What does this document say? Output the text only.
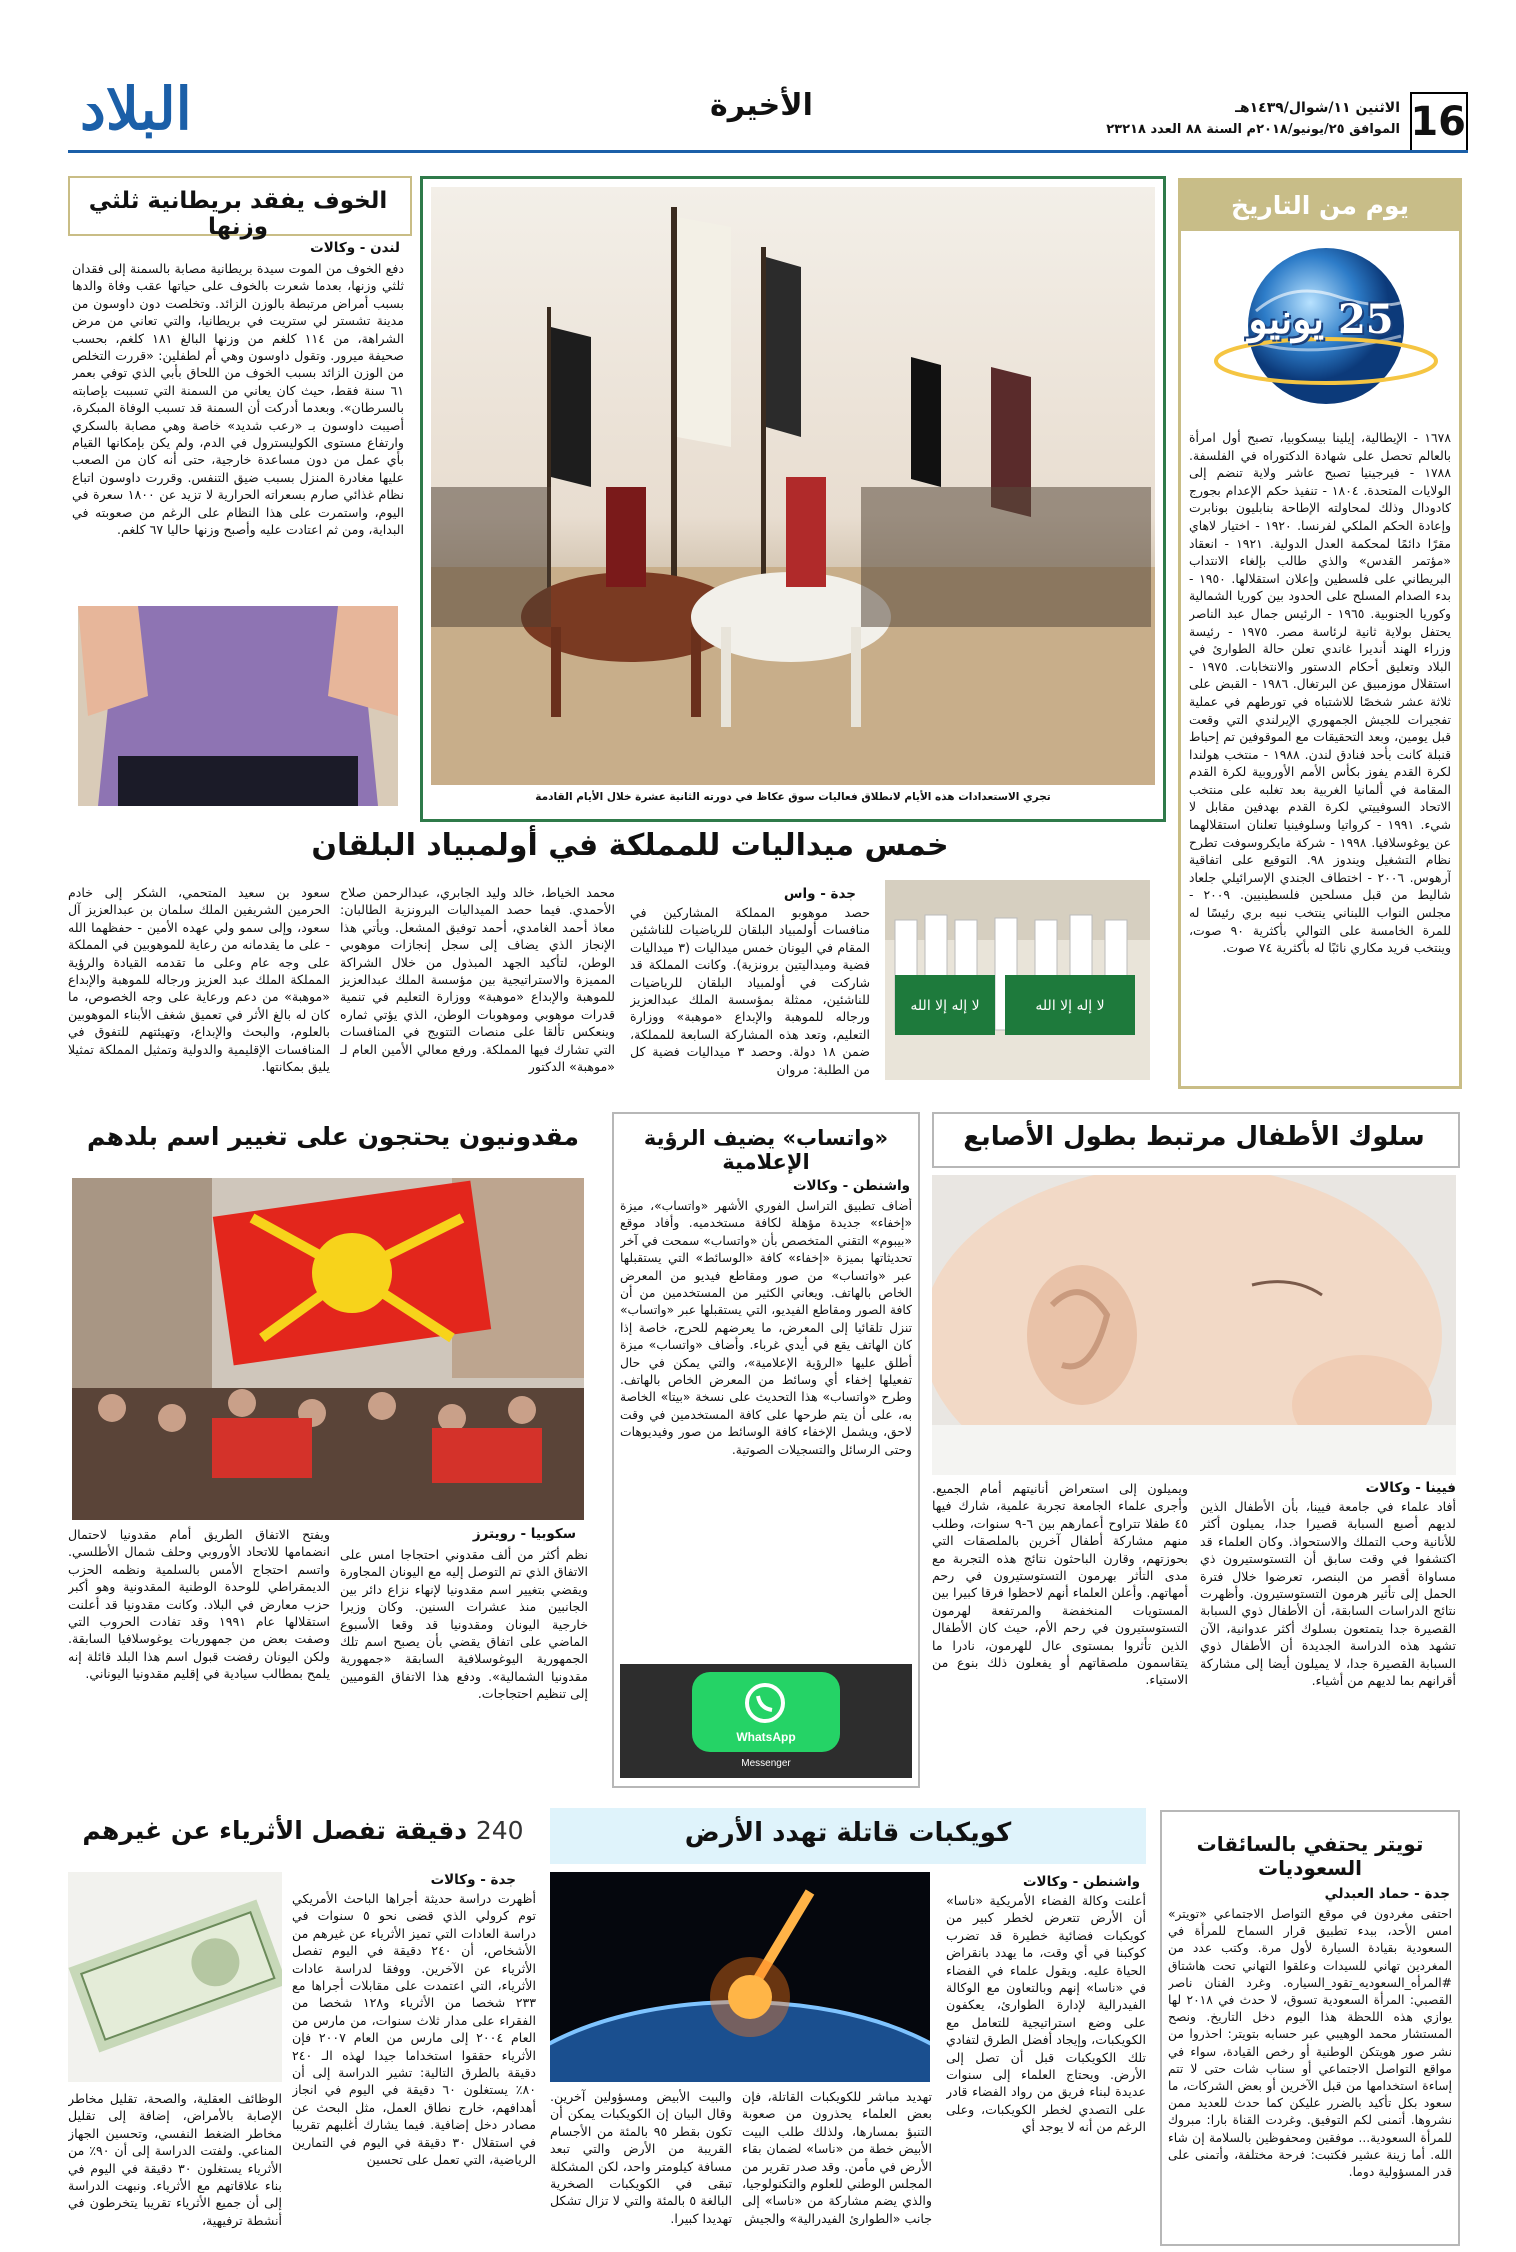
البلاد	الأخيرة	16
الاثنين ١١/شوال/١٤٣٩هـ
الموافق ٢٥/يونيو/٢٠١٨م السنة ٨٨ العدد ٢٣٢١٨
يوم من التاريخ
25 يونيو
١٦٧٨ - الإيطالية، إيلينا بيسكوبيا، تصبح أول امرأة بالعالم تحصل على شهادة الدكتوراه في الفلسفة. ١٧٨٨ - فيرجينيا تصبح عاشر ولاية تنضم إلى الولايات المتحدة. ١٨٠٤ - تنفيذ حكم الإعدام بجورج كادودال وذلك لمحاولته الإطاحة بنابليون بونابرت وإعادة الحكم الملكي لفرنسا. ١٩٢٠ - اختيار لاهاي مقرًا دائمًا لمحكمة العدل الدولية. ١٩٢١ - انعقاد «مؤتمر القدس» والذي طالب بإلغاء الانتداب البريطاني على فلسطين وإعلان استقلالها. ١٩٥٠ - بدء الصدام المسلح على الحدود بين كوريا الشمالية وكوريا الجنوبية. ١٩٦٥ - الرئيس جمال عبد الناصر يحتفل بولاية ثانية لرئاسة مصر. ١٩٧٥ - رئيسة وزراء الهند أنديرا غاندي تعلن حالة الطوارئ في البلاد وتعليق أحكام الدستور والانتخابات. ١٩٧٥ - استقلال موزمبيق عن البرتغال. ١٩٨٦ - القبض على ثلاثة عشر شخصًا للاشتباه في تورطهم في عملية تفجيرات للجيش الجمهوري الإيرلندي التي وقعت قبل يومين، وبعد التحقيقات مع الموقوفين تم إحباط قنبلة كانت بأحد فنادق لندن. ١٩٨٨ - منتخب هولندا لكرة القدم يفوز بكأس الأمم الأوروبية لكرة القدم المقامة في ألمانيا الغربية بعد تغلبه على منتخب الاتحاد السوفييتي لكرة القدم بهدفين مقابل لا شيء. ١٩٩١ - كرواتيا وسلوفينيا تعلنان استقلالهما عن يوغوسلافيا. ١٩٩٨ - شركة مايكروسوفت تطرح نظام التشغيل ويندوز ٩٨. التوقيع على اتفاقية آرهوس. ٢٠٠٦ - اختطاف الجندي الإسرائيلي جلعاد شاليط من قبل مسلحين فلسطينيين. ٢٠٠٩ - مجلس النواب اللبناني ينتخب نبيه بري رئيسًا له للمرة الخامسة على التوالي بأكثرية ٩٠ صوت، وينتخب فريد مكاري نائبًا له بأكثرية ٧٤ صوت.
تجري الاستعدادات هذه الأيام لانطلاق فعاليات سوق عكاظ في دورته الثانية عشرة خلال الأيام القادمة
الخوف يفقد بريطانية ثلثي وزنها
لندن - وكالات
دفع الخوف من الموت سيدة بريطانية مصابة بالسمنة إلى فقدان ثلثي وزنها، بعدما شعرت بالخوف على حياتها عقب وفاة والدها بسبب أمراض مرتبطة بالوزن الزائد. وتخلصت دون داوسون من مدينة تشستر لي ستريت في بريطانيا، والتي تعاني من مرض الشراهة، من ١١٤ كلغم من وزنها البالغ ١٨١ كلغم، بحسب صحيفة ميرور. وتقول داوسون وهي أم لطفلين: «قررت التخلص من الوزن الزائد بسبب الخوف من اللحاق بأبي الذي توفي بعمر ٦١ سنة فقط، حيث كان يعاني من السمنة التي تسببت بإصابته بالسرطان». وبعدما أدركت أن السمنة قد تسبب الوفاة المبكرة، أصيبت داوسون بـ «رعب شديد» خاصة وهي مصابة بالسكري وارتفاع مستوى الكوليسترول في الدم، ولم يكن بإمكانها القيام بأي عمل من دون مساعدة خارجية، حتى أنه كان من الصعب عليها مغادرة المنزل بسبب ضيق التنفس. وقررت داوسون اتباع نظام غذائي صارم بسعراته الحرارية لا تزيد عن ١٨٠٠ سعرة في اليوم، واستمرت على هذا النظام على الرغم من صعوبته في البداية، ومن ثم اعتادت عليه وأصبح وزنها حاليا ٦٧ كلغم.
خمس ميداليات للمملكة في أولمبياد البلقان
لا إله إلا الله	لا إله إلا الله
جدة - واس
حصد موهوبو المملكة المشاركين في منافسات أولمبياد البلقان للرياضيات للناشئين المقام في اليونان خمس ميداليات (٣ ميداليات فضية وميداليتين برونزية). وكانت المملكة قد شاركت في أولمبياد البلقان للرياضيات للناشئين، ممثلة بمؤسسة الملك عبدالعزيز ورجاله للموهبة والإبداع «موهبة» ووزارة التعليم، وتعد هذه المشاركة السابعة للمملكة، ضمن ١٨ دولة. وحصد ٣ ميداليات فضية كل من الطلبة: مروان
محمد الخياط، خالد وليد الجابري، عبدالرحمن صلاح الأحمدي. فيما حصد الميداليات البرونزية الطالبان: معاذ أحمد الغامدي، أحمد توفيق المشعل. ويأتي هذا الإنجاز الذي يضاف إلى سجل إنجازات موهوبي الوطن، لتأكيد الجهد المبذول من خلال الشراكة المميزة والاستراتيجية بين مؤسسة الملك عبدالعزيز للموهبة والإبداع «موهبة» ووزارة التعليم في تنمية قدرات موهوبي وموهوبات الوطن، الذي يؤتي ثماره وينعكس تألقا على منصات التتويج في المنافسات التي تشارك فيها المملكة. ورفع معالي الأمين العام لـ «موهبة» الدكتور
سعود بن سعيد المتحمي، الشكر إلى خادم الحرمين الشريفين الملك سلمان بن عبدالعزيز آل سعود، وإلى سمو ولي عهده الأمين - حفظهما الله - على ما يقدمانه من رعاية للموهوبين في المملكة على وجه عام وعلى ما تقدمه القيادة والرؤية المملكة الملك عبد العزيز ورجاله للموهبة والإبداع «موهبة» من دعم ورعاية على وجه الخصوص، ما كان له بالغ الأثر في تعميق شغف الأبناء الموهوبين بالعلوم، والبحث والإبداع، وتهيئتهم للتفوق في المنافسات الإقليمية والدولية وتمثيل المملكة تمثيلا يليق بمكانتها.
سلوك الأطفال مرتبط بطول الأصابع
فيينا - وكالات
أفاد علماء في جامعة فيينا، بأن الأطفال الذين لديهم أصبع السبابة قصيرا جدا، يميلون أكثر للأنانية وحب التملك والاستحواذ. وكان العلماء قد اكتشفوا في وقت سابق أن التستوستيرون ذي مساواة أقصر من البنصر، تعرضوا خلال فترة الحمل إلى تأثير هرمون التستوستيرون. وأظهرت نتائج الدراسات السابقة، أن الأطفال ذوي السبابة القصيرة جدا يتمتعون بسلوك أكثر عدوانية، الآن تشهد هذه الدراسة الجديدة أن الأطفال ذوي السبابة القصيرة جدا، لا يميلون أيضا إلى مشاركة أقرانهم بما لديهم من أشياء.
ويميلون إلى استعراض أنانيتهم أمام الجميع. وأجرى علماء الجامعة تجربة علمية، شارك فيها ٤٥ طفلا تتراوح أعمارهم بين ٦-٩ سنوات، وطلب منهم مشاركة أطفال آخرين بالملصقات التي بحوزتهم، وقارن الباحثون نتائج هذه التجربة مع مدى التأثر بهرمون التستوستيرون في رحم أمهاتهم. وأعلن العلماء أنهم لاحظوا فرقا كبيرا بين المستويات المنخفضة والمرتفعة لهرمون التستوستيرون في رحم الأم، حيث كان الأطفال الذين تأثروا بمستوى عال للهرمون، نادرا ما يتقاسمون ملصقاتهم أو يفعلون ذلك بنوع من الاستياء.
«واتساب» يضيف الرؤية الإعلامية
واشنطن - وكالات
أضاف تطبيق التراسل الفوري الأشهر «واتساب»، ميزة «إخفاء» جديدة مؤهلة لكافة مستخدميه. وأفاد موقع «بيبوم» التقني المتخصص بأن «واتساب» سمحت في آخر تحديثاتها بميزة «إخفاء» كافة «الوسائط» التي يستقبلها عبر «واتساب» من صور ومقاطع فيديو من المعرض الخاص بالهاتف. ويعاني الكثير من المستخدمين من أن كافة الصور ومقاطع الفيديو، التي يستقبلها عبر «واتساب» تنزل تلقائيا إلى المعرض، ما يعرضهم للحرج، خاصة إذا كان الهاتف يقع في أيدي غرباء. وأضاف «واتساب» ميزة أطلق عليها «الرؤية الإعلامية»، والتي يمكن في حال تفعيلها إخفاء أي وسائط من المعرض الخاص بالهاتف. وطرح «واتساب» هذا التحديث على نسخة «بيتا» الخاصة به، على أن يتم طرحها على كافة المستخدمين في وقت لاحق، ويشمل الإخفاء كافة الوسائط من صور وفيديوهات وحتى الرسائل والتسجيلات الصوتية.
WhatsApp
Messenger
مقدونيون يحتجون على تغيير اسم بلدهم
سكوبيا - رويترز
نظم أكثر من ألف مقدوني احتجاجا امس على الاتفاق الذي تم التوصل إليه مع اليونان المجاورة ويقضي بتغيير اسم مقدونيا لإنهاء نزاع دائر بين الجانبين منذ عشرات السنين. وكان وزيرا خارجية اليونان ومقدونيا قد وقعا الأسبوع الماضي على اتفاق يقضي بأن يصبح اسم تلك الجمهورية اليوغوسلافية السابقة «جمهورية مقدونيا الشمالية». ودفع هذا الاتفاق القوميين إلى تنظيم احتجاجات.
ويفتح الاتفاق الطريق أمام مقدونيا لاحتمال انضمامها للاتحاد الأوروبي وحلف شمال الأطلسي. واتسم احتجاج الأمس بالسلمية ونظمه الحزب الديمقراطي للوحدة الوطنية المقدونية وهو أكبر حزب معارض في البلاد. وكانت مقدونيا قد أعلنت استقلالها عام ١٩٩١ وقد تفادت الحروب التي وصفت بعض من جمهوريات يوغوسلافيا السابقة. ولكن اليونان رفضت قبول اسم هذا البلد قائلة إنه يلمح بمطالب سيادية في إقليم مقدونيا اليوناني.
تويتر يحتفي بالسائقات السعوديات
جدة - حماد العبدلي
احتفى مغردون في موقع التواصل الاجتماعي «تويتر» امس الأحد، ببدء تطبيق قرار السماح للمرأة في السعودية بقيادة السيارة لأول مرة. وكتب عدد من المغردين تهاني للسيدات وعلقوا التهاني تحت هاشتاق #المرأه_السعوديه_تقود_السياره. وغرد الفنان ناصر القصبي: المرأة السعودية تسوق، لا حدث في ٢٠١٨ لها يوازي هذه اللحظة هذا اليوم دخل التاريخ. ونصح المستشار محمد الوهيبي عبر حسابه بتويتر: احذروا من نشر صور هويتكن الوطنية أو رخص القيادة، سواء في مواقع التواصل الاجتماعي أو سناب شات حتى لا تتم إساءة استخدامها من قبل الآخرين أو بعض الشركات، ما سعود بكل تأكيد بالضرر عليكن كما حدث للعديد ممن نشروها. أتمنى لكم التوفيق. وغردت القناة بارا: مبروك للمرأة السعودية... موفقين ومحفوظين بالسلامة إن شاء الله. أما زينة عشير فكتبت: فرحة مختلفة، وأتمنى على قدر المسؤولية دوما.
كويكبات قاتلة تهدد الأرض
واشنطن - وكالات
أعلنت وكالة الفضاء الأمريكية «ناسا» أن الأرض تتعرض لخطر كبير من كويكبات فضائية خطيرة قد تضرب كوكبنا في أي وقت، ما يهدد بانقراض الحياة عليه. ويقول علماء في الفضاء في «ناسا» إنهم وبالتعاون مع الوكالة الفيدرالية لإدارة الطوارئ، يعكفون على وضع استراتيجية للتعامل مع الكويكبات، وإيجاد أفضل الطرق لتفادي تلك الكويكبات قبل أن تصل إلى الأرض. ويحتاج العلماء إلى سنوات عديدة لبناء فريق من رواد الفضاء قادر على التصدي لخطر الكويكبات، وعلى الرغم من أنه لا يوجد أي
تهديد مباشر للكويكبات القاتلة، فإن بعض العلماء يحذرون من صعوبة التنبؤ بمسارها، ولذلك طلب البيت الأبيض خطة من «ناسا» لضمان بقاء الأرض في مأمن. وقد صدر تقرير من المجلس الوطني للعلوم والتكنولوجيا، والذي يضم مشاركة من «ناسا» إلى جانب «الطوارئ الفيدرالية» والجيش
والبيت الأبيض ومسؤولين آخرين. وقال البيان إن الكويكبات يمكن أن تكون بقطر ٩٥ بالمئة من الأجسام القريبة من الأرض والتي تبعد مسافة كيلومتر واحد، لكن المشكلة تبقى في الكويكبات الصخرية البالغة ٥ بالمئة والتي لا تزال تشكل تهديدا كبيرا.
240 دقيقة تفصل الأثرياء عن غيرهم
جدة - وكالات
أظهرت دراسة حديثة أجراها الباحث الأمريكي توم كرولي الذي قضى نحو ٥ سنوات في دراسة العادات التي تميز الأثرياء عن غيرهم من الأشخاص، أن ٢٤٠ دقيقة في اليوم تفصل الأثرياء عن الآخرين. ووفقا لدراسة عادات الأثرياء، التي اعتمدت على مقابلات أجراها مع ٢٣٣ شخصا من الأثرياء و١٢٨ شخصا من الفقراء على مدار ثلاث سنوات، من مارس من العام ٢٠٠٤ إلى مارس من العام ٢٠٠٧ فإن الأثرياء حققوا استخداما جيدا لهذه الـ ٢٤٠ دقيقة بالطرق التالية: تشير الدراسة إلى أن ٨٠٪ يستغلون ٦٠ دقيقة في اليوم في انجاز أهدافهم، خارج نطاق العمل، مثل البحث عن مصادر دخل إضافية. فيما يشارك أغلبهم تقريبا في استقلال ٣٠ دقيقة في اليوم في التمارين الرياضية، التي تعمل على تحسين
الوظائف العقلية، والصحة، تقليل مخاطر الإصابة بالأمراض، إضافة إلى تقليل مخاطر الضغط النفسي، وتحسين الجهاز المناعي. ولفتت الدراسة إلى أن ٩٠٪ من الأثرياء يستغلون ٣٠ دقيقة في اليوم في بناء علاقاتهم مع الأثرياء. ونبهت الدراسة إلى أن جميع الأثرياء تقريبا يتخرطون في أنشطة ترفيهية،
